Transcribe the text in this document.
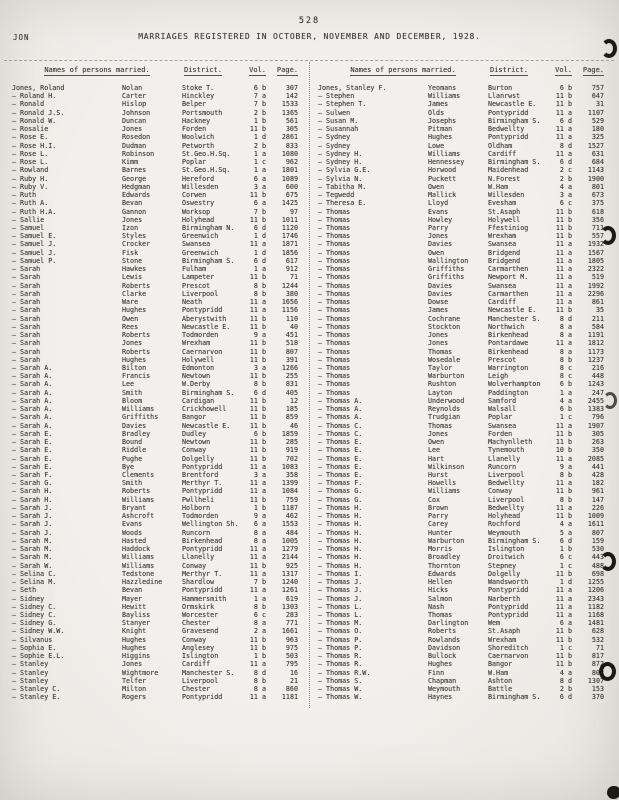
528
JON	MARRIAGES REGISTERED IN OCTOBER, NOVEMBER AND DECEMBER, 1928.
Names of persons married.	District.	Vol.	Page.
Jones, Roland	Nolan	Stoke T.	6 b	307
— Roland H.	Carter	Hinckley	7 a	142
— Ronald	Hislop	Belper	7 b	1533
— Ronald J.S.	Johnson	Portsmouth	2 b	1365
— Ronald W.	Duncan	Hackney	1 b	561
— Rosalie	Jones	Forden	11 b	305
— Rose E.	Rosedon	Woolwich	1 d	2861
— Rose H.I.	Dudman	Petworth	2 b	833
— Rose L.	Robinson	St.Geo.H.Sq.	1 a	1080
— Rose L.	Kimm	Poplar	1 c	962
— Rowland	Barnes	St.Geo.H.Sq.	1 a	1801
— Ruby H.	George	Hereford	6 a	1089
— Ruby V.	Hedgman	Willesden	3 a	600
— Ruth	Edwards	Corwen	11 b	675
— Ruth A.	Bevan	Oswestry	6 a	1425
— Ruth H.A.	Gannon	Worksop	7 b	97
— Sallie	Jones	Holyhead	11 b	1011
— Samuel	Izon	Birmingham N.	6 d	1120
— Samuel E.	Styles	Greenwich	1 d	1746
— Samuel J.	Crocker	Swansea	11 a	1871
— Samuel J.	Fisk	Greenwich	1 d	1856
— Samuel P.	Stone	Birmingham S.	6 d	617
— Sarah	Hawkes	Fulham	1 a	912
— Sarah	Lewis	Lampeter	11 b	71
— Sarah	Roberts	Prescot	8 b	1244
— Sarah	Clarke	Liverpool	8 b	380
— Sarah	Ware	Neath	11 a	1656
— Sarah	Hughes	Pontypridd	11 a	1156
— Sarah	Owen	Aberystwith	11 b	110
— Sarah	Rees	Newcastle E.	11 b	40
— Sarah	Roberts	Todmorden	9 a	451
— Sarah	Jones	Wrexham	11 b	518
— Sarah	Roberts	Caernarvon	11 b	807
— Sarah	Hughes	Holywell	11 b	391
— Sarah A.	Bilton	Edmonton	3 a	1266
— Sarah A.	Francis	Newtown	11 b	255
— Sarah A.	Lee	W.Derby	8 b	831
— Sarah A.	Smith	Birmingham S.	6 d	405
— Sarah A.	Bloom	Cardigan	11 b	12
— Sarah A.	Williams	Crickhowell	11 b	185
— Sarah A.	Griffiths	Bangor	11 b	859
— Sarah A.	Davies	Newcastle E.	11 b	46
— Sarah E.	Bradley	Dudley	6 b	1859
— Sarah E.	Bound	Newtown	11 b	285
— Sarah E.	Riddle	Conway	11 b	919
— Sarah E.	Pughe	Dolgelly	11 b	702
— Sarah E.	Bye	Pontypridd	11 a	1083
— Sarah F.	Clements	Brentford	3 a	358
— Sarah G.	Smith	Merthyr T.	11 a	1399
— Sarah H.	Roberts	Pontypridd	11 a	1084
— Sarah H.	Williams	Pwllheli	11 b	759
— Sarah J.	Bryant	Holborn	1 b	1187
— Sarah J.	Ashcroft	Todmorden	9 a	462
— Sarah J.	Evans	Wellington Sh.	6 a	1553
— Sarah J.	Woods	Runcorn	8 a	484
— Sarah M.	Hasted	Birkenhead	8 a	1005
— Sarah M.	Haddock	Pontypridd	11 a	1279
— Sarah M.	Williams	Llanelly	11 a	2144
— Sarah W.	Williams	Conway	11 b	925
— Selina C.	Tedstone	Merthyr T.	11 a	1317
— Selina M.	Hazzledine	Shardlow	7 b	1240
— Seth	Bevan	Pontypridd	11 a	1261
— Sidney	Mayer	Hammersmith	1 a	619
— Sidney C.	Hewitt	Ormskirk	8 b	1303
— Sidney C.	Bayliss	Worcester	6 c	283
— Sidney G.	Stanyer	Chester	8 a	771
— Sidney W.W.	Knight	Gravesend	2 a	1661
— Silvanus	Hughes	Conway	11 b	963
— Sophia E.	Hughes	Anglesey	11 b	975
— Sophie E.L.	Higgins	Islington	1 b	503
— Stanley	Jones	Cardiff	11 a	795
— Stanley	Wightmore	Manchester S.	8 d	16
— Stanley	Telfer	Liverpool	8 b	21
— Stanley C.	Milton	Chester	8 a	860
— Stanley E.	Rogers	Pontypridd	11 a	1181
Names of persons married.	District.	Vol.	Page.
Jones, Stanley F.	Yeomans	Burton	6 b	757
— Stephen	Williams	Llanrwst	11 b	647
— Stephen T.	James	Newcastle E.	11 b	31
— Sulwen	Olds	Pontypridd	11 a	1107
— Susan M.	Josephs	Birmingham S.	6 d	529
— Susannah	Pitman	Bedwellty	11 a	180
— Sydney	Hughes	Pontypridd	11 a	325
— Sydney	Lowe	Oldham	8 d	1527
— Sydney H.	Williams	Cardiff	11 a	631
— Sydney H.	Hennessey	Birmingham S.	6 d	684
— Sylvia G.E.	Horwood	Maidenhead	2 c	1143
— Sylvia N.	Puckett	N.Forest	2 b	1900
— Tabitha M.	Owen	W.Ham	4 a	801
— Tegwedd	Mallick	Willesden	3 a	673
— Theresa E.	Lloyd	Evesham	6 c	375
— Thomas	Evans	St.Asaph	11 b	618
— Thomas	Howley	Holywell	11 b	356
— Thomas	Parry	Ffestiniog	11 b	711
— Thomas	Jones	Wrexham	11 b	557
— Thomas	Davies	Swansea	11 a	1932
— Thomas	Owen	Bridgend	11 a	1567
— Thomas	Wallington	Bridgend	11 a	1805
— Thomas	Griffiths	Carmarthen	11 a	2322
— Thomas	Griffiths	Newport M.	11 a	519
— Thomas	Davies	Swansea	11 a	1992
— Thomas	Davies	Carmarthen	11 a	2296
— Thomas	Dowse	Cardiff	11 a	861
— Thomas	James	Newcastle E.	11 b	35
— Thomas	Cochrane	Manchester S.	8 d	211
— Thomas	Stockton	Northwich	8 a	584
— Thomas	Jones	Birkenhead	8 a	1191
— Thomas	Jones	Pontardawe	11 a	1812
— Thomas	Thomas	Birkenhead	8 a	1173
— Thomas	Wosedale	Prescot	8 b	1237
— Thomas	Taylor	Warrington	8 c	216
— Thomas	Warburton	Leigh	8 c	448
— Thomas	Rushton	Wolverhampton	6 b	1243
— Thomas	Layton	Paddington	1 a	247
— Thomas A.	Underwood	Samford	4 a	2455
— Thomas A.	Reynolds	Walsall	6 b	1383
— Thomas A.	Trudgian	Poplar	1 c	796
— Thomas C.	Thomas	Swansea	11 a	1907
— Thomas C.	Jones	Forden	11 b	305
— Thomas E.	Owen	Machynlleth	11 b	263
— Thomas E.	Lee	Tynemouth	10 b	350
— Thomas E.	Hart	Llanelly	11 a	2085
— Thomas E.	Wilkinson	Runcorn	9 a	441
— Thomas E.	Hurst	Liverpool	8 b	428
— Thomas F.	Howells	Bedwellty	11 a	182
— Thomas G.	Williams	Conway	11 b	961
— Thomas G.	Cox	Liverpool	8 b	147
— Thomas H.	Brown	Bedwellty	11 a	226
— Thomas H.	Parry	Holyhead	11 b	1009
— Thomas H.	Carey	Rochford	4 a	1611
— Thomas H.	Hunter	Weymouth	5 a	807
— Thomas H.	Warburton	Birmingham S.	6 d	159
— Thomas H.	Morris	Islington	1 b	530
— Thomas H.	Broadley	Droitwich	6 c	443
— Thomas H.	Thornton	Stepney	1 c	488
— Thomas I.	Edwards	Dolgelly	11 b	698
— Thomas J.	Hellen	Wandsworth	1 d	1255
— Thomas J.	Hicks	Pontypridd	11 a	1206
— Thomas J.	Salmon	Narberth	11 a	2343
— Thomas L.	Nash	Pontypridd	11 a	1182
— Thomas L.	Thomas	Pontypridd	11 a	1168
— Thomas M.	Darlington	Wem	6 a	1481
— Thomas O.	Roberts	St.Asaph	11 b	628
— Thomas P.	Rowlands	Wrexham	11 b	532
— Thomas P.	Davidson	Shoreditch	1 c	71
— Thomas R.	Bullock	Caernarvon	11 b	817
— Thomas R.	Hughes	Bangor	11 b	872
— Thomas R.W.	Finn	W.Ham	4 a	808
— Thomas S.	Chapman	Ashton	8 d	1307
— Thomas W.	Weymouth	Battle	2 b	153
— Thomas W.	Haynes	Birmingham S.	6 d	370
